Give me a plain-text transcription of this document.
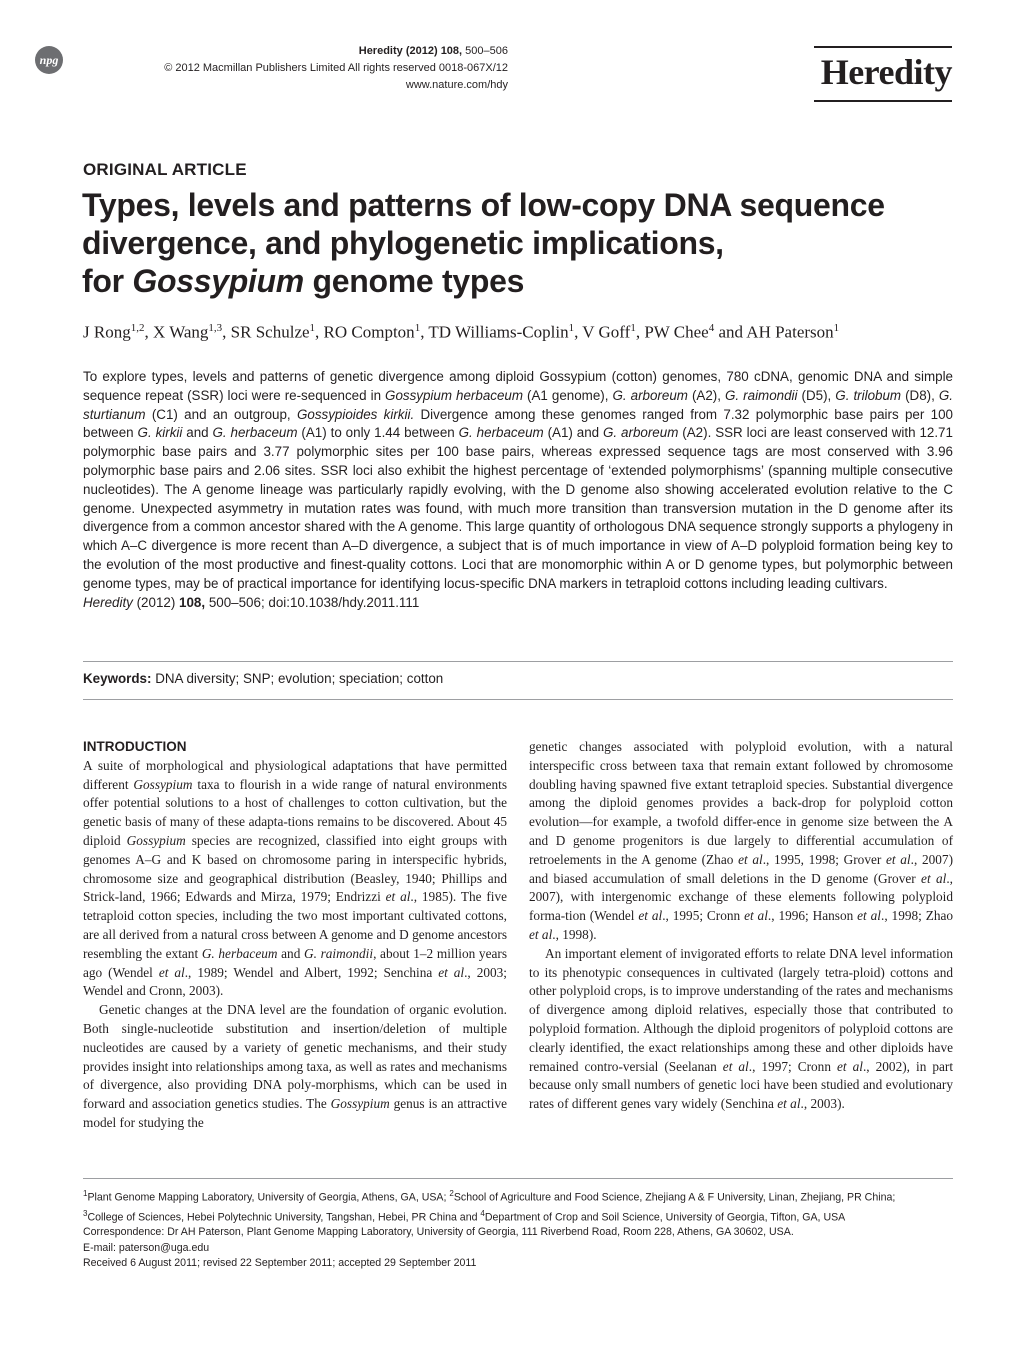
npg
Heredity (2012) 108, 500–506
© 2012 Macmillan Publishers Limited All rights reserved 0018-067X/12
www.nature.com/hdy	Heredity
ORIGINAL ARTICLE
Types, levels and patterns of low-copy DNA sequence
divergence, and phylogenetic implications,
for Gossypium genome types
J Rong$^{1,2}$, X Wang$^{1,3}$, SR Schulze$^1$, RO Compton$^1$, TD Williams-Coplin$^1$, V Goff$^1$, PW Chee$^4$ and AH Paterson$^1$
To explore types, levels and patterns of genetic divergence among diploid Gossypium (cotton) genomes, 780 cDNA, genomic DNA and simple sequence repeat (SSR) loci were re-sequenced in Gossypium herbaceum (A1 genome), G. arboreum (A2), G. raimondii (D5), G. trilobum (D8), G. sturtianum (C1) and an outgroup, Gossypioides kirkii. Divergence among these genomes ranged from 7.32 polymorphic base pairs per 100 between G. kirkii and G. herbaceum (A1) to only 1.44 between G. herbaceum (A1) and G. arboreum (A2). SSR loci are least conserved with 12.71 polymorphic base pairs and 3.77 polymorphic sites per 100 base pairs, whereas expressed sequence tags are most conserved with 3.96 polymorphic base pairs and 2.06 sites. SSR loci also exhibit the highest percentage of ‘extended polymorphisms’ (spanning multiple consecutive nucleotides). The A genome lineage was particularly rapidly evolving, with the D genome also showing accelerated evolution relative to the C genome. Unexpected asymmetry in mutation rates was found, with much more transition than transversion mutation in the D genome after its divergence from a common ancestor shared with the A genome. This large quantity of orthologous DNA sequence strongly supports a phylogeny in which A–C divergence is more recent than A–D divergence, a subject that is of much importance in view of A–D polyploid formation being key to the evolution of the most productive and finest-quality cottons. Loci that are monomorphic within A or D genome types, but polymorphic between genome types, may be of practical importance for identifying locus-specific DNA markers in tetraploid cottons including leading cultivars.
Heredity (2012) 108, 500–506; doi:10.1038/hdy.2011.111
Keywords: DNA diversity; SNP; evolution; speciation; cotton
INTRODUCTION

A suite of morphological and physiological adaptations that have permitted different Gossypium taxa to flourish in a wide range of natural environments offer potential solutions to a host of challenges to cotton cultivation, but the genetic basis of many of these adapta-tions remains to be discovered. About 45 diploid Gossypium species are recognized, classified into eight groups with genomes A–G and K based on chromosome paring in interspecific hybrids, chromosome size and geographical distribution (Beasley, 1940; Phillips and Strick-land, 1966; Edwards and Mirza, 1979; Endrizzi et al., 1985). The five tetraploid cotton species, including the two most important cultivated cottons, are all derived from a natural cross between A genome and D genome ancestors resembling the extant G. herbaceum and G. raimondii, about 1–2 million years ago (Wendel et al., 1989; Wendel and Albert, 1992; Senchina et al., 2003; Wendel and Cronn, 2003).

Genetic changes at the DNA level are the foundation of organic evolution. Both single-nucleotide substitution and insertion/deletion of multiple nucleotides are caused by a variety of genetic mechanisms, and their study provides insight into relationships among taxa, as well as rates and mechanisms of divergence, also providing DNA poly-morphisms, which can be used in forward and association genetics studies. The Gossypium genus is an attractive model for studying the

genetic changes associated with polyploid evolution, with a natural interspecific cross between taxa that remain extant followed by chromosome doubling having spawned five extant tetraploid species. Substantial divergence among the diploid genomes provides a back-drop for polyploid cotton evolution—for example, a twofold differ-ence in genome size between the A and D genome progenitors is due largely to differential accumulation of retroelements in the A genome (Zhao et al., 1995, 1998; Grover et al., 2007) and biased accumulation of small deletions in the D genome (Grover et al., 2007), with intergenomic exchange of these elements following polyploid forma-tion (Wendel et al., 1995; Cronn et al., 1996; Hanson et al., 1998; Zhao et al., 1998).

An important element of invigorated efforts to relate DNA level information to its phenotypic consequences in cultivated (largely tetra-ploid) cottons and other polyploid crops, is to improve understanding of the rates and mechanisms of divergence among diploid relatives, especially those that contributed to polyploid formation. Although the diploid progenitors of polyploid cottons are clearly identified, the exact relationships among these and other diploids have remained contro-versial (Seelanan et al., 1997; Cronn et al., 2002), in part because only small numbers of genetic loci have been studied and evolutionary rates of different genes vary widely (Senchina et al., 2003).

$^1$Plant Genome Mapping Laboratory, University of Georgia, Athens, GA, USA; $^2$School of Agriculture and Food Science, Zhejiang A & F University, Linan, Zhejiang, PR China;
$^3$College of Sciences, Hebei Polytechnic University, Tangshan, Hebei, PR China and $^4$Department of Crop and Soil Science, University of Georgia, Tifton, GA, USA
Correspondence: Dr AH Paterson, Plant Genome Mapping Laboratory, University of Georgia, 111 Riverbend Road, Room 228, Athens, GA 30602, USA.
E-mail: paterson@uga.edu
Received 6 August 2011; revised 22 September 2011; accepted 29 September 2011
